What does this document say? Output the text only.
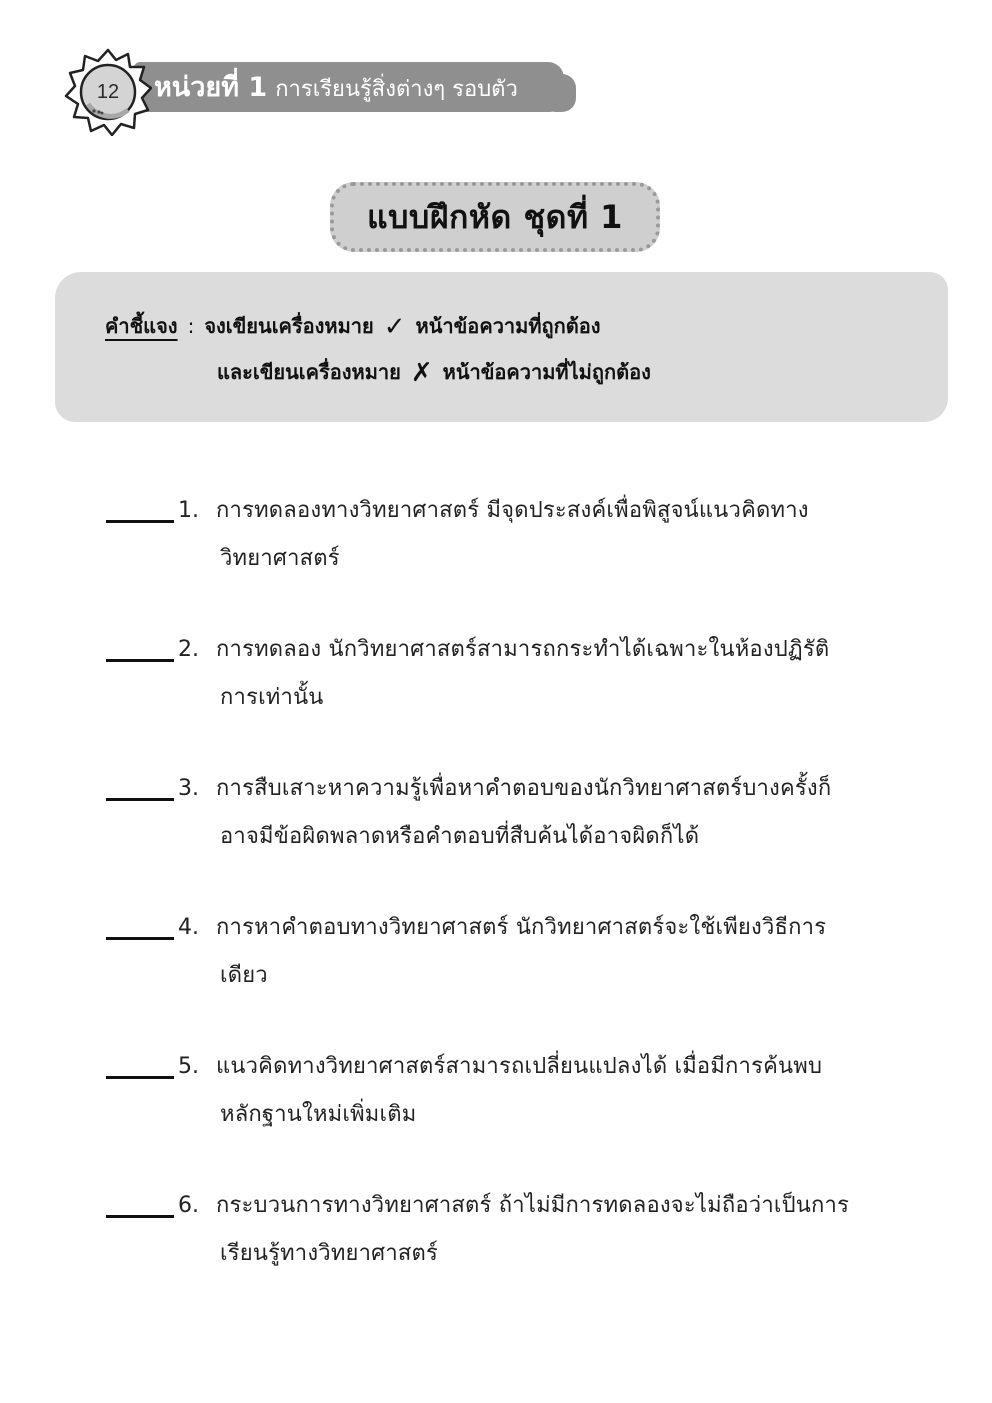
12	หน่วยที่ 1 การเรียนรู้สิ่งต่างๆ รอบตัว
แบบฝึกหัด ชุดที่ 1
คำชี้แจง : จงเขียนเครื่องหมาย ✓ หน้าข้อความที่ถูกต้อง
และเขียนเครื่องหมาย ✗ หน้าข้อความที่ไม่ถูกต้อง
1. การทดลองทางวิทยาศาสตร์ มีจุดประสงค์เพื่อพิสูจน์แนวคิดทาง
วิทยาศาสตร์
2. การทดลอง นักวิทยาศาสตร์สามารถกระทำได้เฉพาะในห้องปฏิรัติ
การเท่านั้น
3. การสืบเสาะหาความรู้เพื่อหาคำตอบของนักวิทยาศาสตร์บางครั้งก็
อาจมีข้อผิดพลาดหรือคำตอบที่สืบค้นได้อาจผิดก็ได้
4. การหาคำตอบทางวิทยาศาสตร์ นักวิทยาศาสตร์จะใช้เพียงวิธีการ
เดียว
5. แนวคิดทางวิทยาศาสตร์สามารถเปลี่ยนแปลงได้ เมื่อมีการค้นพบ
หลักฐานใหม่เพิ่มเติม
6. กระบวนการทางวิทยาศาสตร์ ถ้าไม่มีการทดลองจะไม่ถือว่าเป็นการ
เรียนรู้ทางวิทยาศาสตร์
